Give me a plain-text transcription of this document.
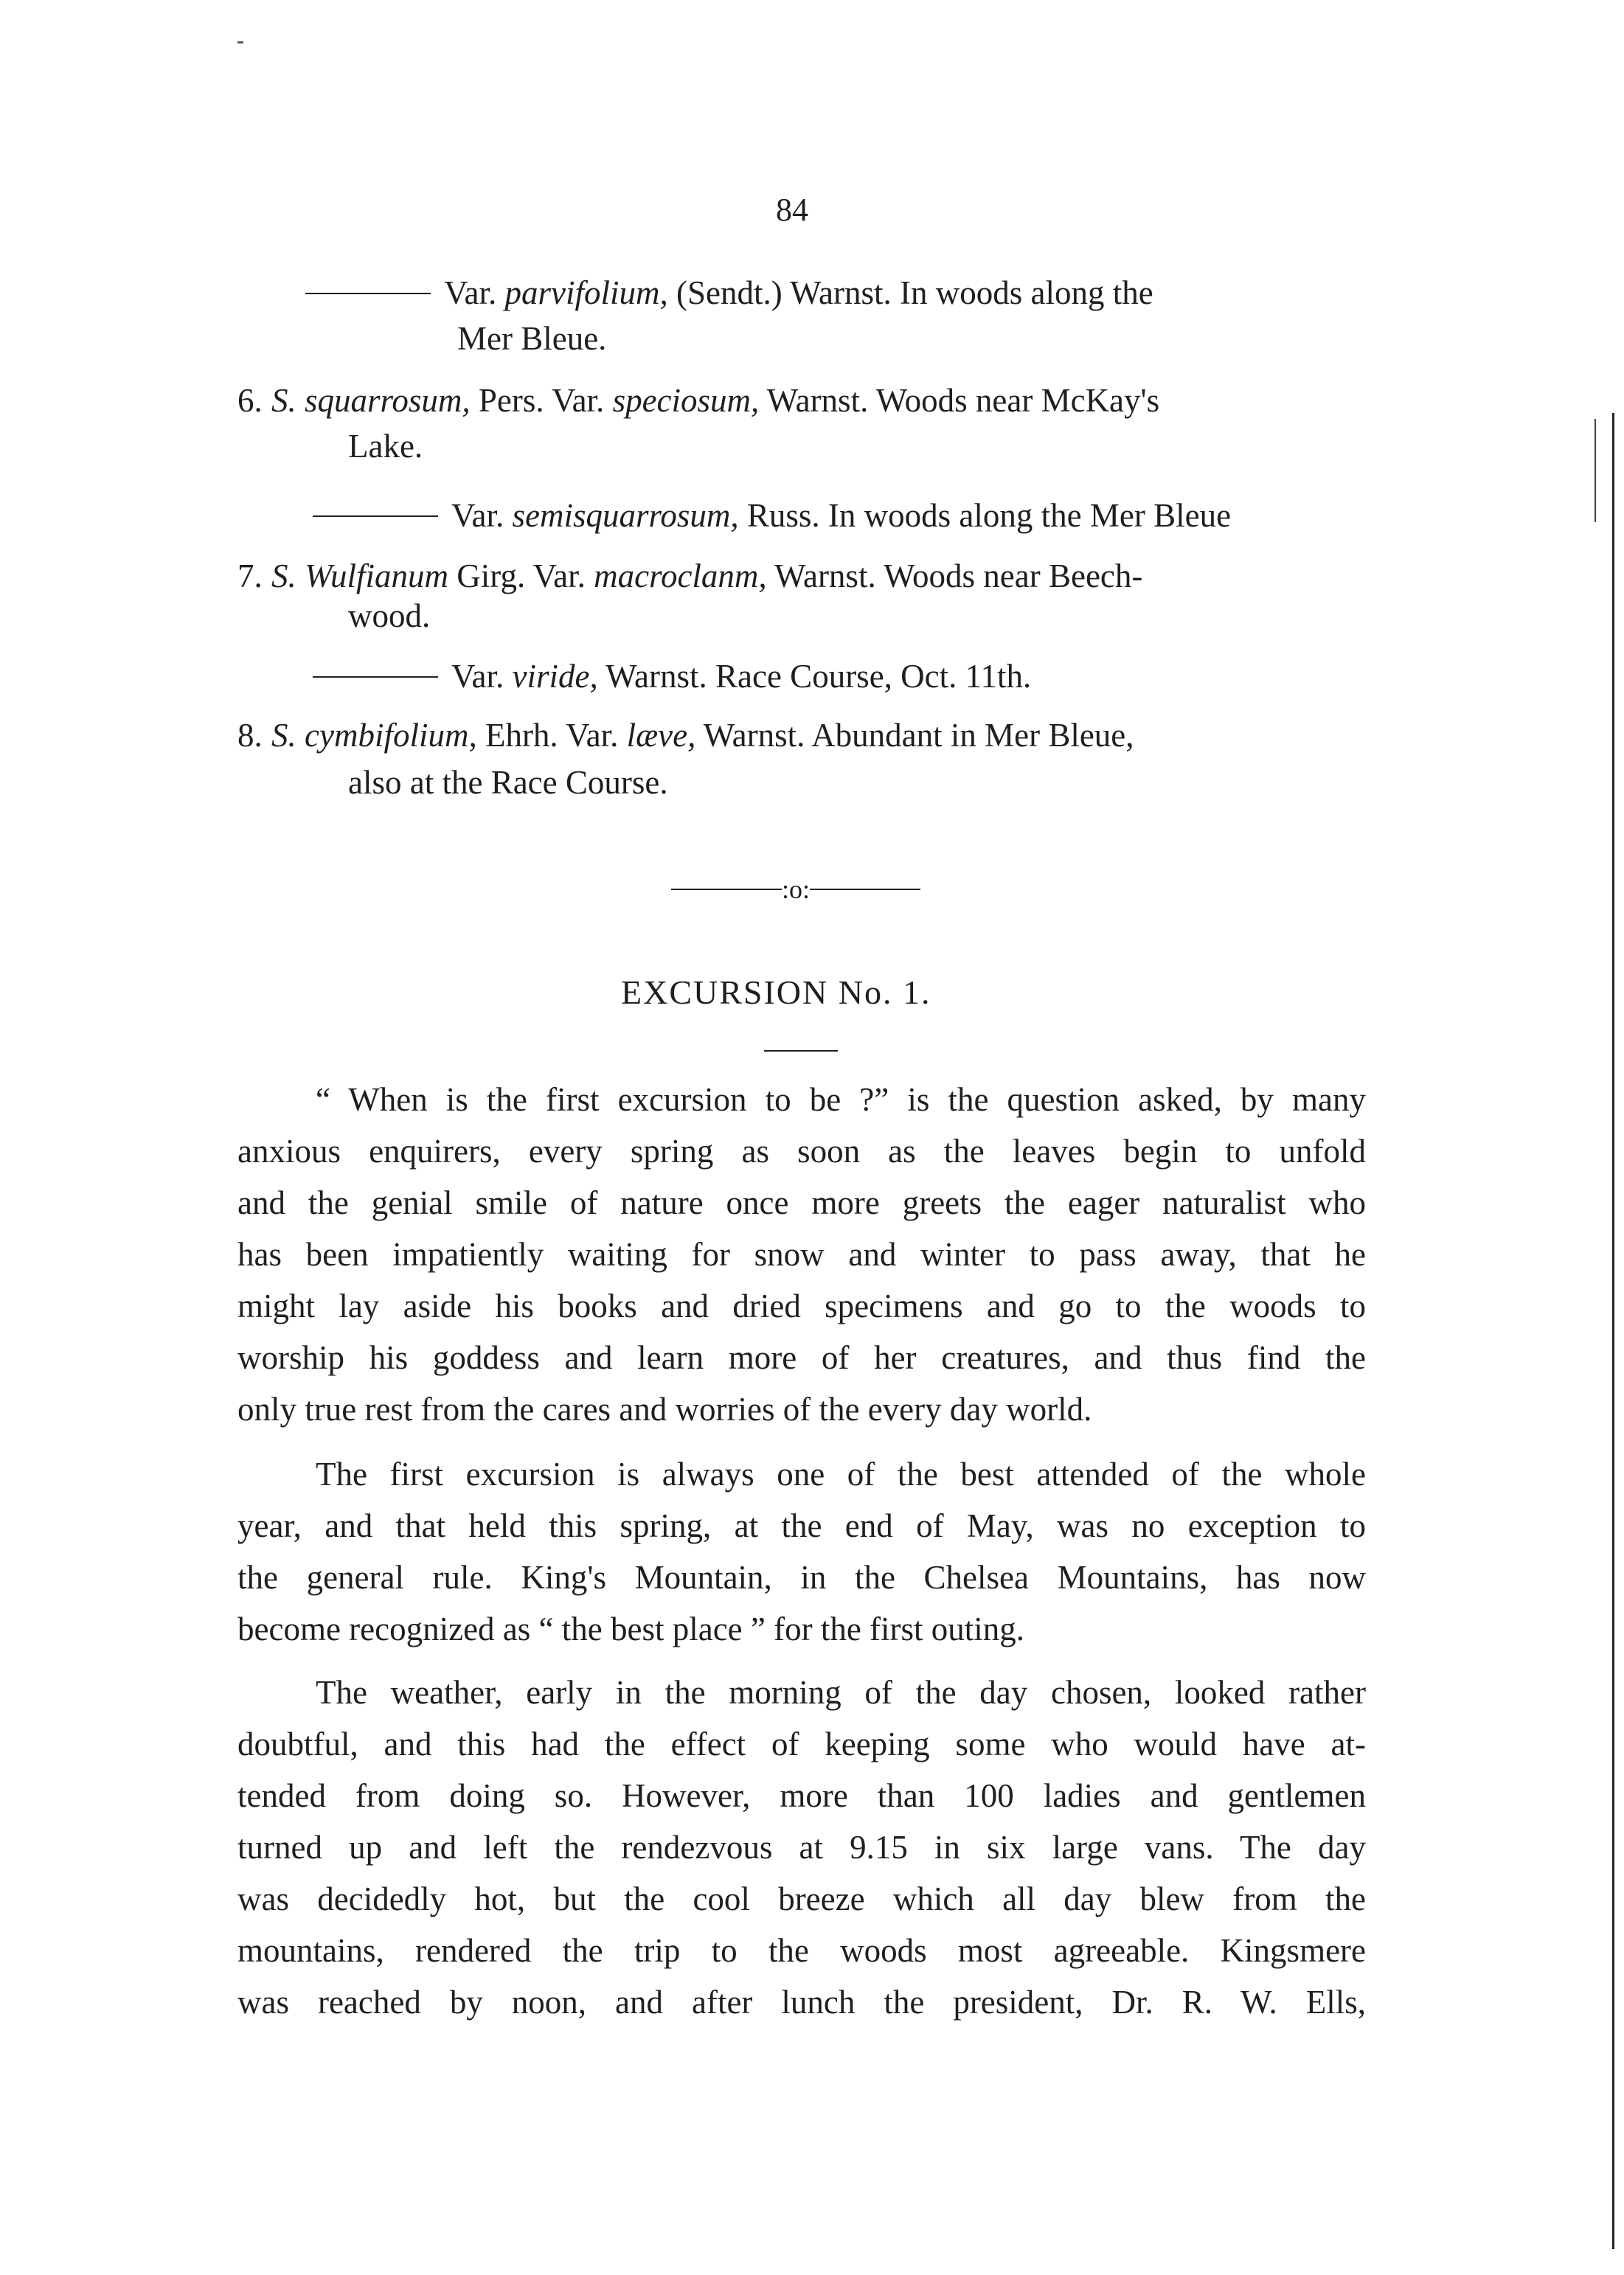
84
Var. parvifolium, (Sendt.) Warnst. In woods along the
Mer Bleue.
6. S. squarrosum, Pers. Var. speciosum, Warnst. Woods near McKay's
Lake.
Var. semisquarrosum, Russ. In woods along the Mer Bleue
7. S. Wulfianum Girg. Var. macroclanm, Warnst. Woods near Beech-
wood.
Var. viride, Warnst. Race Course, Oct. 11th.
8. S. cymbifolium, Ehrh. Var. læve, Warnst. Abundant in Mer Bleue,
also at the Race Course.
:o:
EXCURSION No. 1.
“ When is the first excursion to be ?” is the question asked, by many
anxious enquirers, every spring as soon as the leaves begin to unfold
and the genial smile of nature once more greets the eager naturalist who
has been impatiently waiting for snow and winter to pass away, that he
might lay aside his books and dried specimens and go to the woods to
worship his goddess and learn more of her creatures, and thus find the
only true rest from the cares and worries of the every day world.
The first excursion is always one of the best attended of the whole
year, and that held this spring, at the end of May, was no exception to
the general rule. King's Mountain, in the Chelsea Mountains, has now
become recognized as “ the best place ” for the first outing.
The weather, early in the morning of the day chosen, looked rather
doubtful, and this had the effect of keeping some who would have at-
tended from doing so. However, more than 100 ladies and gentlemen
turned up and left the rendezvous at 9.15 in six large vans. The day
was decidedly hot, but the cool breeze which all day blew from the
mountains, rendered the trip to the woods most agreeable. Kingsmere
was reached by noon, and after lunch the president, Dr. R. W. Ells,
